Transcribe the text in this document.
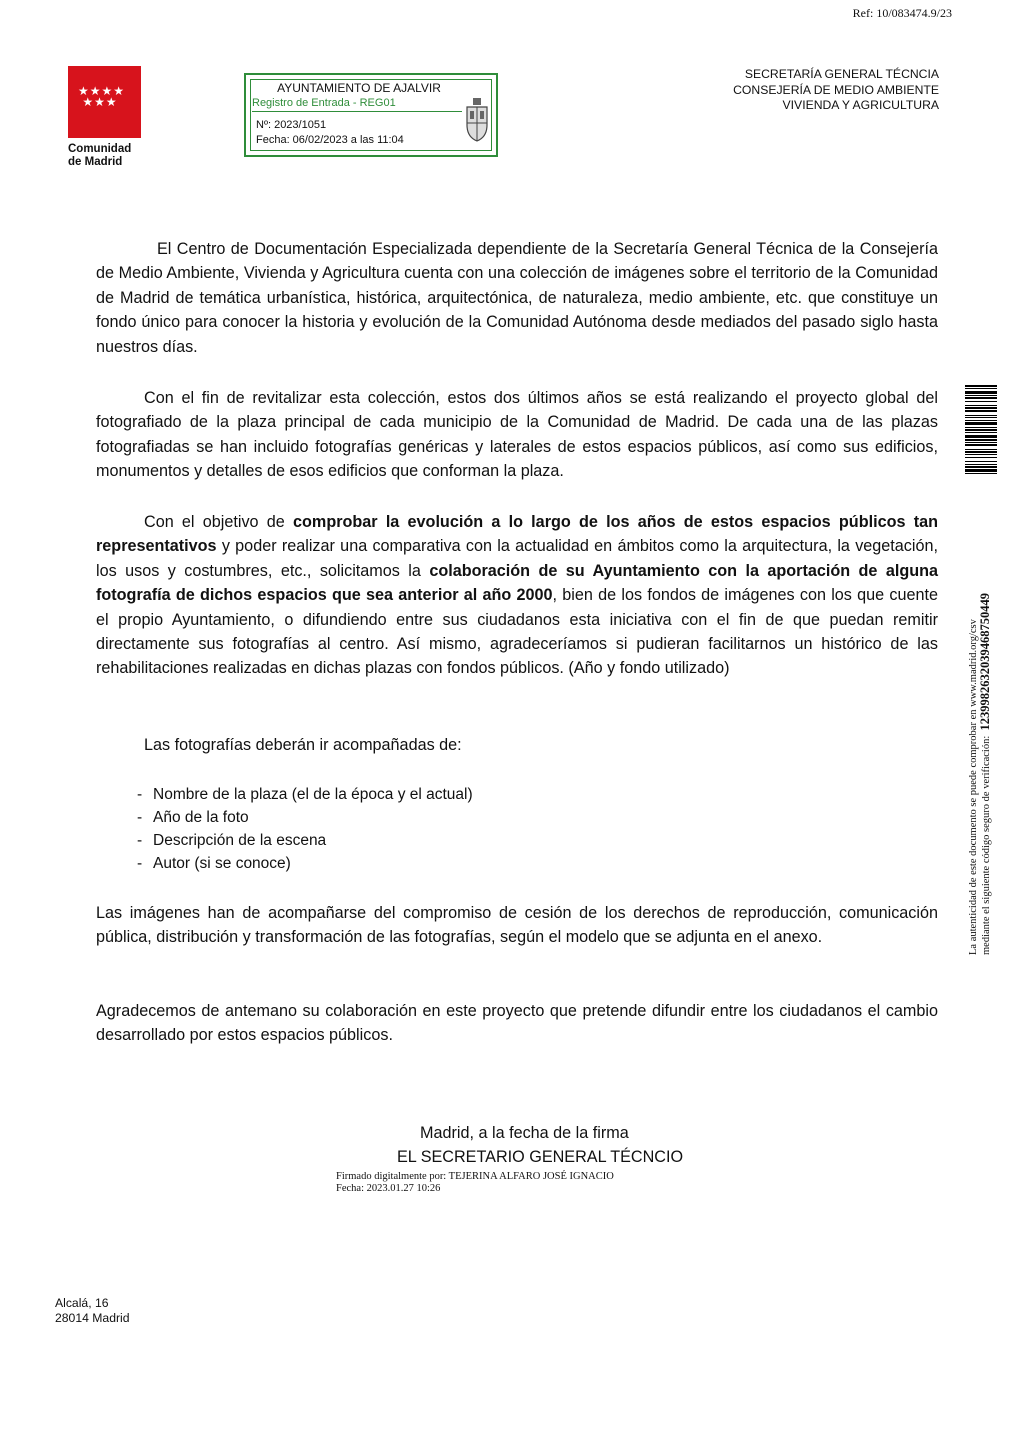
Ref: 10/083474.9/23
★★★★
★★★
Comunidad
de Madrid
AYUNTAMIENTO DE AJALVIR
Registro de Entrada - REG01
Nº: 2023/1051
Fecha: 06/02/2023 a las 11:04
SECRETARÍA GENERAL TÉCNCIA
CONSEJERÍA DE MEDIO AMBIENTE
VIVIENDA Y AGRICULTURA
El Centro de Documentación Especializada dependiente de la Secretaría General Técnica de la Consejería de Medio Ambiente, Vivienda y Agricultura cuenta con una colección de imágenes sobre el territorio de la Comunidad de Madrid de temática urbanística, histórica, arquitectónica, de naturaleza, medio ambiente, etc. que constituye un fondo único para conocer la historia y evolución de la Comunidad Autónoma desde mediados del pasado siglo hasta nuestros días.
Con el fin de revitalizar esta colección, estos dos últimos años se está realizando el proyecto global del fotografiado de la plaza principal de cada municipio de la Comunidad de Madrid. De cada una de las plazas fotografiadas se han incluido fotografías genéricas y laterales de estos espacios públicos, así como sus edificios, monumentos y detalles de esos edificios que conforman la plaza.
Con el objetivo de comprobar la evolución a lo largo de los años de estos espacios públicos tan representativos y poder realizar una comparativa con la actualidad en ámbitos como la arquitectura, la vegetación, los usos y costumbres, etc., solicitamos la colaboración de su Ayuntamiento con la aportación de alguna fotografía de dichos espacios que sea anterior al año 2000, bien de los fondos de imágenes con los que cuente el propio Ayuntamiento, o difundiendo entre sus ciudadanos esta iniciativa con el fin de que puedan remitir directamente sus fotografías al centro. Así mismo, agradeceríamos si pudieran facilitarnos un histórico de las rehabilitaciones realizadas en dichas plazas con fondos públicos. (Año y fondo utilizado)
Las fotografías deberán ir acompañadas de:
- Nombre de la plaza (el de la época y el actual)
- Año de la foto
- Descripción de la escena
- Autor (si se conoce)
Las imágenes han de acompañarse del compromiso de cesión de los derechos de reproducción, comunicación pública, distribución y transformación de las fotografías, según el modelo que se adjunta en el anexo.
Agradecemos de antemano su colaboración en este proyecto que pretende difundir entre los ciudadanos el cambio desarrollado por estos espacios públicos.
Madrid, a la fecha de la firma
EL SECRETARIO GENERAL TÉCNCIO
Firmado digitalmente por: TEJERINA ALFARO JOSÉ IGNACIO
Fecha: 2023.01.27 10:26
Alcalá, 16
28014 Madrid
La autenticidad de este documento se puede comprobar en www.madrid.org/csv mediante el siguiente código seguro de verificación:  1239982632039468750449
